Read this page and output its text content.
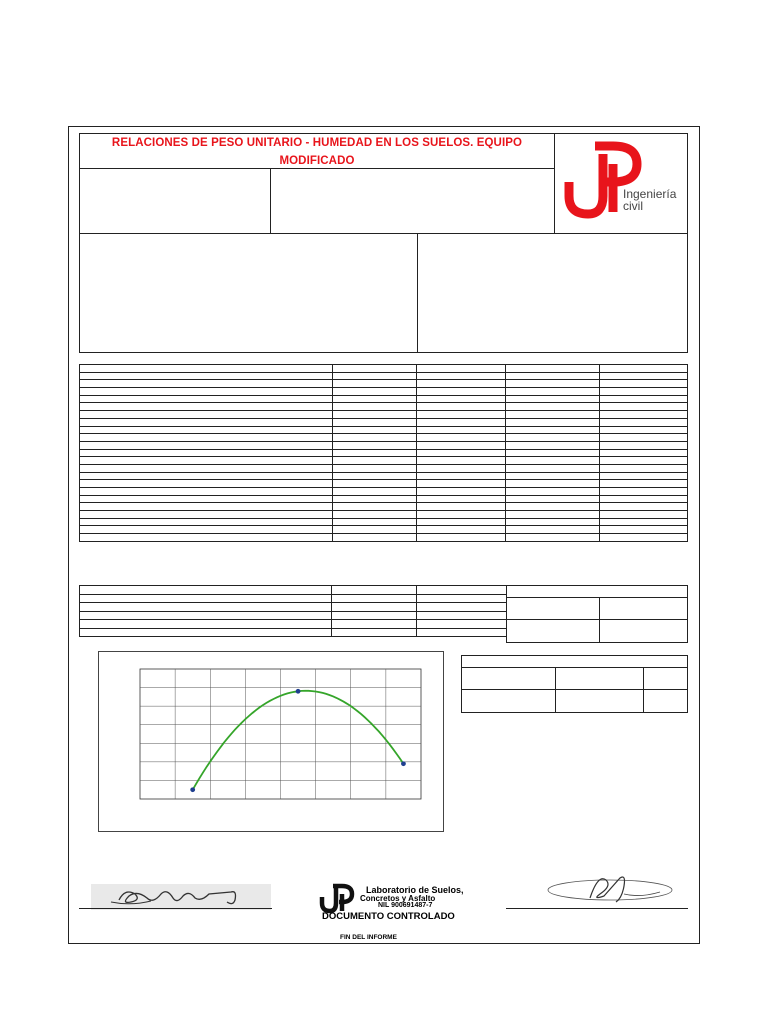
RELACIONES DE PESO UNITARIO - HUMEDAD EN LOS SUELOS. EQUIPO MODIFICADO
Ingeniería
civil

Laboratorio de Suelos,
Concretos y Asfalto
NIL 900691487-7
DOCUMENTO CONTROLADO
FIN DEL INFORME
